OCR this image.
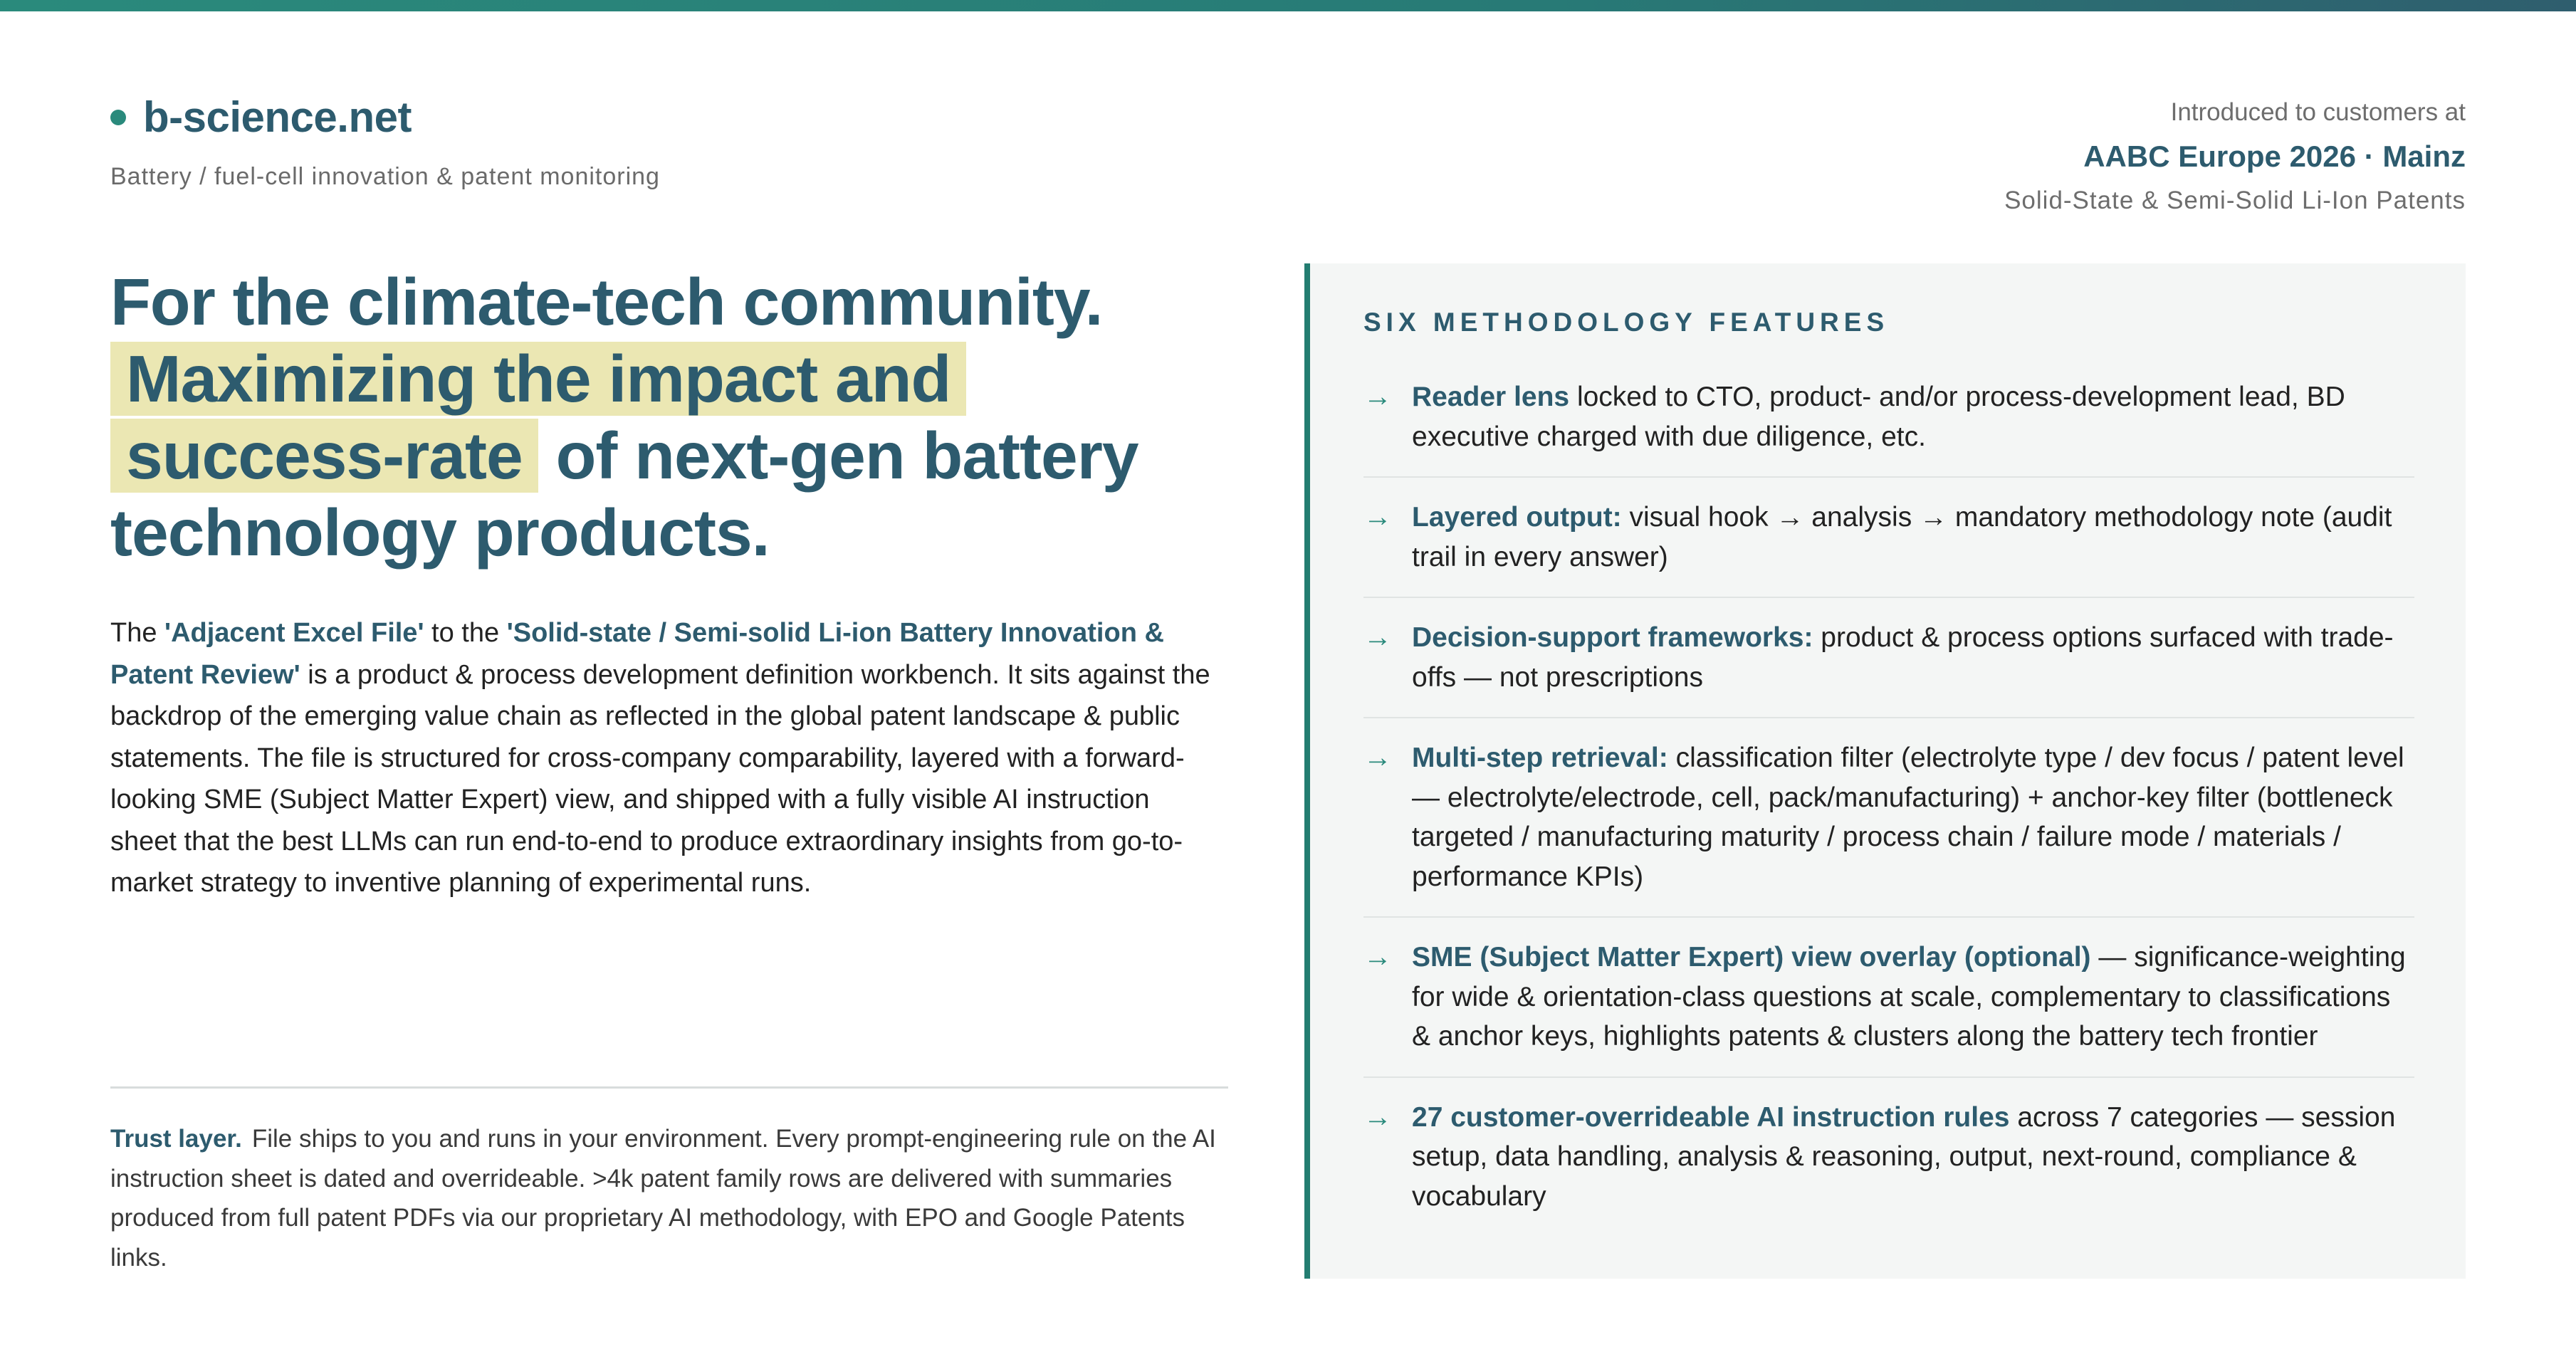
b-science.net
Battery / fuel-cell innovation & patent monitoring
Introduced to customers at
AABC Europe 2026 · Mainz
Solid-State & Semi-Solid Li-Ion Patents
For the climate-tech community.
Maximizing the impact and
success-rate of next-gen battery technology products.
The 'Adjacent Excel File' to the 'Solid-state / Semi-solid Li-ion Battery Innovation & Patent Review' is a product & process development definition workbench. It sits against the backdrop of the emerging value chain as reflected in the global patent landscape & public statements. The file is structured for cross-company comparability, layered with a forward-looking SME (Subject Matter Expert) view, and shipped with a fully visible AI instruction sheet that the best LLMs can run end-to-end to produce extraordinary insights from go-to-market strategy to inventive planning of experimental runs.
Trust layer. File ships to you and runs in your environment. Every prompt-engineering rule on the AI instruction sheet is dated and overrideable. >4k patent family rows are delivered with summaries produced from full patent PDFs via our proprietary AI methodology, with EPO and Google Patents links.
SIX METHODOLOGY FEATURES
→ Reader lens locked to CTO, product- and/or process-development lead, BD executive charged with due diligence, etc.
→ Layered output: visual hook → analysis → mandatory methodology note (audit trail in every answer)
→ Decision-support frameworks: product & process options surfaced with trade-offs — not prescriptions
→ Multi-step retrieval: classification filter (electrolyte type / dev focus / patent level — electrolyte/electrode, cell, pack/manufacturing) + anchor-key filter (bottleneck targeted / manufacturing maturity / process chain / failure mode / materials / performance KPIs)
→ SME (Subject Matter Expert) view overlay (optional) — significance-weighting for wide & orientation-class questions at scale, complementary to classifications & anchor keys, highlights patents & clusters along the battery tech frontier
→ 27 customer-overrideable AI instruction rules across 7 categories — session setup, data handling, analysis & reasoning, output, next-round, compliance & vocabulary
